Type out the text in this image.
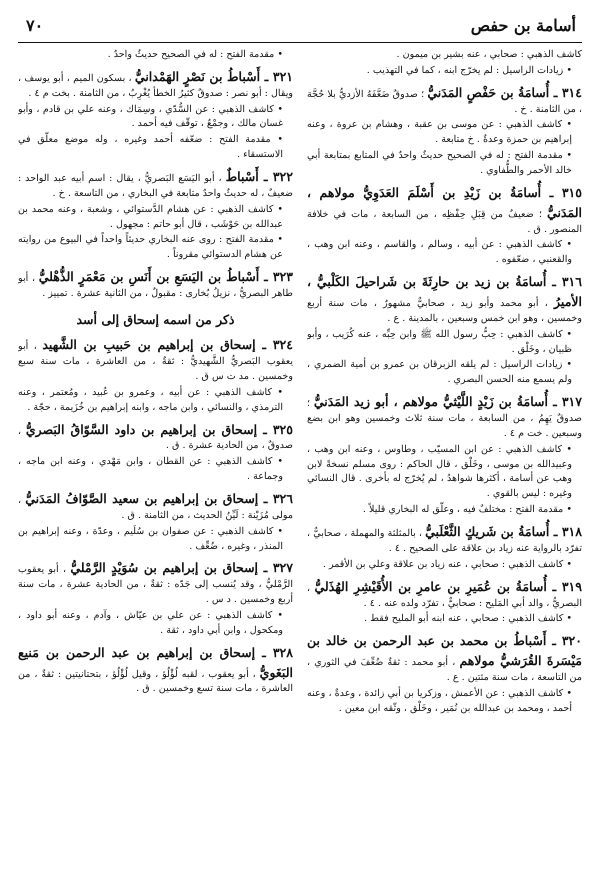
أسامة بن حفص
٧٠

كاشف الذهبي : صحابي ، عنه بشير بن ميمون .

• زيادات الراسيل : لم يخرّج ابنه ، كما في التهذيب .

٣١٤ ـ أُسامَةُ بن حَفْصٍ المَدَنيُّ ؛ صدوقٌ ضَعَّفَهُ الأزديُّ بلا حُجَّة ، من الثامنة . خ .

• كاشف الذهبي : عن موسى بن عقبة ، وهشام بن عروة ، وعنه إبراهيم بن حمزة وعدةٌ . خ متابعة .

• مقدمة الفتح : له في الصحيح حديثٌ واحدٌ في المتابع بمتابعة أبي خالد الأحمر والطُّفاوي .

٣١٥ ـ أُسامَةُ بن زَيْدِ بن أَسْلَمَ العَدَوِيُّ مولاهم ، المَدَنيُّ ؛ ضعيفٌ من قِبَلِ حِفْظِه ، من السابعة ، مات في خلافة المنصور . ق .

• كاشف الذهبي : عن أبيه ، وسالم ، والقاسم ، وعنه ابن وهب ، والقعنبي ، ضعّفوه .

٣١٦ ـ أُسامَةُ بن زيد بن حارِثَةَ بن شَراحيلَ الكَلْبيُّ ، الأميرُ ، أبو محمد وأبو زيد ، صحابيٌّ مشهورٌ ، مات سنة أربع وخمسين ، وهو ابن خمس وسبعين ، بالمدينة . ع .

• كاشف الذهبي : حِبُّ رسول الله ﷺ وابن حِبِّه ، عنه كُرَيب ، وأبو ظبيان ، وخَلْق .

• زيادات الراسيل : لم يلقه الزبرقان بن عمرو بن أمية الضمري ، ولم يسمع منه الحسن البصري .

٣١٧ ـ أُسامَةُ بن زَيْدٍ اللَّيْثيُّ مولاهم ، أبو زيد المَدَنيُّ ؛ صدوقٌ يَهِمُ ، من السابعة ، مات سنة ثلاث وخمسين وهو ابن بضع وسبعين . خت م ٤ .

• كاشف الذهبي : عن ابن المسيّب ، وطاوس ، وعنه ابن وهب ، وعبيدالله بن موسى ، وخَلْق ، قال الحاكم : روى مسلم نسخةً لابن وهب عن أسامة ، أكثرها شواهدُ ، لم يُخرّج له بأخرى . قال النسائي وغيره : ليس بالقوي .

• مقدمة الفتح : مختلفٌ فيه ، وعلّق له البخاري قليلاً .

٣١٨ ـ أُسامَةُ بن شَريكٍ الثَّعْلَبيُّ ، بالمثلثة والمهملة ، صحابيٌّ ، تفرّد بالرواية عنه زياد بن علاقة على الصحيح . ٤ .

• كاشف الذهبي : صحابي ، عنه زياد بن علاقة وعلي بن الأقمر .

٣١٩ ـ أُسامَةُ بن عُمَيرِ بن عامرِ بن الأُقَيْشِرِ الهُذَليُّ ، البصريُّ ، والد أبي المَليح : صحابيٌّ ، تفرّد ولده عنه . ٤ .

• كاشف الذهبي : صحابي ، عنه ابنه أبو المليح فقط .

٣٢٠ ـ أَسْباطُ بن محمد بن عبد الرحمن بن خالد بن مَيْسَرةَ القُرَشيُّ مولاهم ، أبو محمد : ثقةٌ ضُعِّفَ في الثوري ، من التاسعة ، مات سنة مئتين . ع .

• كاشف الذهبي : عن الأعمش ، وزكريا بن أبي زائدة ، وعدةٌ ، وعنه أحمد ، ومحمد بن عبدالله بن نُمَير ، وخَلْق ، وثّقه ابن معين .

• مقدمة الفتح : له في الصحيح حديثٌ واحدٌ .

٣٢١ ـ أَسْباطُ بن نَصْرٍ الهَمْدانيُّ ، بسكون الميم ، أبو يوسف ، ويقال : أبو نصر : صدوقٌ كثيرُ الخطأ يُغْرِبُ ، من الثامنة . بخت م ٤ .

• كاشف الذهبي : عن السُّدّي ، وسِمَاك ، وعنه علي بن قادم ، وأبو غسان مالك ، وجمْعٌ ، توقّف فيه أحمد .

• مقدمة الفتح : ضعّفه أحمد وغيره ، وله موضع معلّق في الاستسقاء .

٣٢٢ ـ أَسْباطٌ ، أبو اليَسَع البَصريُّ ، يقال : اسم أبيه عبد الواحد : ضعيفٌ ، له حديثٌ واحدٌ متابعة في البخاري ، من التاسعة . خ .

• كاشف الذهبي : عن هشام الدَّستوائي ، وشعبة ، وعنه محمد بن عبدالله بن حَوْشَب ، قال أبو حاتم : مجهول .

• مقدمة الفتح : روى عنه البخاري حديثاً واحداً في البيوع من روايته عن هشام الدستوائي مقروناً .

٣٢٣ ـ أَسْباطُ بن اليَسَعِ بن أَنَسِ بن مَعْمَرٍ الذُّهْليُّ ، أبو طاهر البصريُّ ، نزيلُ بُخارى : مقبولٌ ، من الثانية عشرة . تمييز .

ذكر من اسمه إسحاق إلى أسد

٣٢٤ ـ إسحاق بن إبراهيم بن حَبيبِ بن الشَّهيد ، أبو يعقوب البَصريُّ الشَّهيديُّ : ثقةٌ ، من العاشرة ، مات سنة سبع وخمسين . مد ت س ق .

• كاشف الذهبي : عن أبيه ، وعمرو بن عُبيد ، ومُعتمر ، وعنه الترمذي ، والنسائي ، وابن ماجه ، وابنه إبراهيم بن خُزَيمة ، حجّة .

٣٢٥ ـ إسحاق بن إبراهيم بن داود السَّوّاقُ البَصريُّ ، صدوقٌ ، من الحادية عشرة . ق .

• كاشف الذهبي : عن القطان ، وابن مَهْدي ، وعنه ابن ماجه ، وجماعة .

٣٢٦ ـ إسحاق بن إبراهيم بن سعيد الصَّوّافُ المَدَنيُّ ، مولى مُزَيْنة : لَيِّنُ الحديث ، من الثامنة . ق .

• كاشف الذهبي : عن صفوان بن سُلَيم ، وعدّة ، وعنه إبراهيم بن المنذر ، وغيره ، ضُعِّف .

٣٢٧ ـ إسحاق بن إبراهيم بن سُوَيْدٍ الرَّمْليُّ ، أبو يعقوب الرَّمْليُّ ، وقد يُنسب إلى جَدّه : ثقةٌ ، من الحادية عشرة ، مات سنة أربع وخمسين . د س .

• كاشف الذهبي : عن علي بن عيّاش ، وآدم ، وعنه أبو داود ، ومكحول ، وابن أبي داود ، ثقة .

٣٢٨ ـ إسحاق بن إبراهيم بن عبد الرحمن بن مَنيع البَغَويُّ ، أبو يعقوب ، لقبه لُؤْلُؤ ، وقيل لُؤْلُؤ ، بتحتانيتين : ثقةٌ ، من العاشرة ، مات سنة تسع وخمسين . ق .
